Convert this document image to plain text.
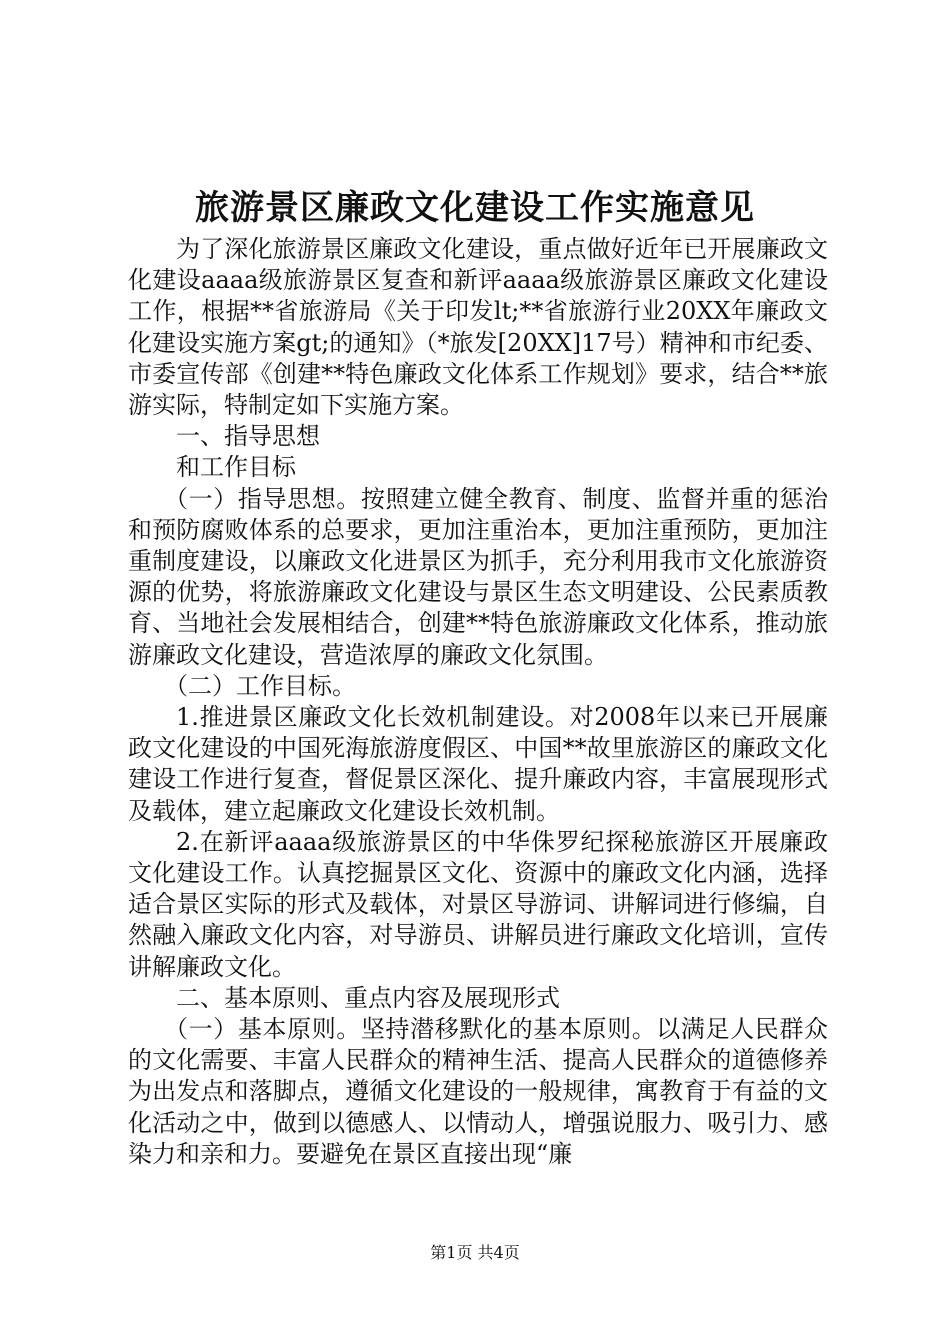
旅游景区廉政文化建设工作实施意见

为了深化旅游景区廉政文化建设，重点做好近年已开展廉政文化建设aaaa级旅游景区复查和新评aaaa级旅游景区廉政文化建设工作，根据**省旅游局《关于印发lt;**省旅游行业20XX年廉政文化建设实施方案gt;的通知》（*旅发[20XX]17号）精神和市纪委、市委宣传部《创建**特色廉政文化体系工作规划》要求，结合**旅游实际，特制定如下实施方案。

一、指导思想

和工作目标

（一）指导思想。按照建立健全教育、制度、监督并重的惩治和预防腐败体系的总要求，更加注重治本，更加注重预防，更加注重制度建设，以廉政文化进景区为抓手，充分利用我市文化旅游资源的优势，将旅游廉政文化建设与景区生态文明建设、公民素质教育、当地社会发展相结合，创建**特色旅游廉政文化体系，推动旅游廉政文化建设，营造浓厚的廉政文化氛围。

（二）工作目标。

1.推进景区廉政文化长效机制建设。对2008年以来已开展廉政文化建设的中国死海旅游度假区、中国**故里旅游区的廉政文化建设工作进行复查，督促景区深化、提升廉政内容，丰富展现形式及载体，建立起廉政文化建设长效机制。

2.在新评aaaa级旅游景区的中华侏罗纪探秘旅游区开展廉政文化建设工作。认真挖掘景区文化、资源中的廉政文化内涵，选择适合景区实际的形式及载体，对景区导游词、讲解词进行修编，自然融入廉政文化内容，对导游员、讲解员进行廉政文化培训，宣传讲解廉政文化。

二、基本原则、重点内容及展现形式

（一）基本原则。坚持潜移默化的基本原则。以满足人民群众的文化需要、丰富人民群众的精神生活、提高人民群众的道德修养为出发点和落脚点，遵循文化建设的一般规律，寓教育于有益的文化活动之中，做到以德感人、以情动人，增强说服力、吸引力、感染力和亲和力。要避免在景区直接出现“廉

第1页 共4页
